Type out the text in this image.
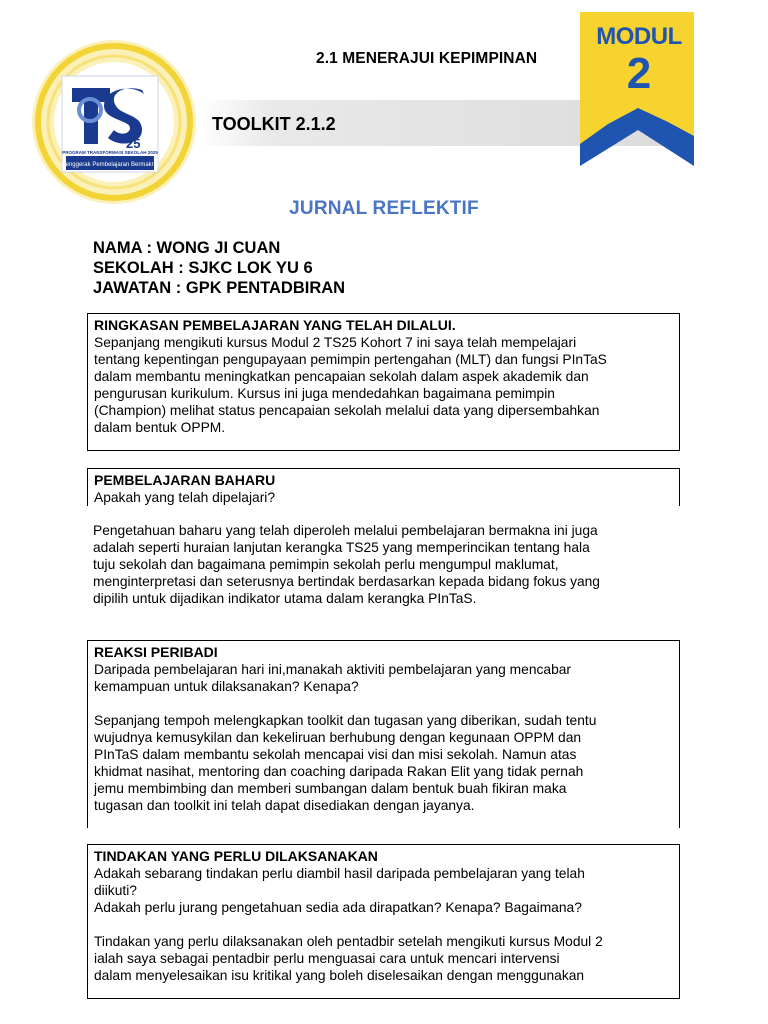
25
PROGRAM TRANSFORMASI SEKOLAH 2025
Penggerak Pembelajaran Bermakna
2.1 MENERAJUI KEPIMPINAN
TOOLKIT 2.1.2
MODUL
2
JURNAL REFLEKTIF
NAMA : WONG JI CUAN
SEKOLAH : SJKC LOK YU 6
JAWATAN : GPK PENTADBIRAN
RINGKASAN PEMBELAJARAN YANG TELAH DILALUI.

Sepanjang mengikuti kursus Modul 2 TS25 Kohort 7 ini saya telah mempelajari

tentang kepentingan pengupayaan pemimpin pertengahan (MLT) dan fungsi PInTaS

dalam membantu meningkatkan pencapaian sekolah dalam aspek akademik dan

pengurusan kurikulum. Kursus ini juga mendedahkan bagaimana pemimpin

(Champion) melihat status pencapaian sekolah melalui data yang dipersembahkan

dalam bentuk OPPM.

PEMBELAJARAN BAHARU

Apakah yang telah dipelajari?

Pengetahuan baharu yang telah diperoleh melalui pembelajaran bermakna ini juga

adalah seperti huraian lanjutan kerangka TS25 yang memperincikan tentang hala

tuju sekolah dan bagaimana pemimpin sekolah perlu mengumpul maklumat,

menginterpretasi dan seterusnya bertindak berdasarkan kepada bidang fokus yang

dipilih untuk dijadikan indikator utama dalam kerangka PInTaS.

REAKSI PERIBADI

Daripada pembelajaran hari ini,manakah aktiviti pembelajaran yang mencabar

kemampuan untuk dilaksanakan? Kenapa?

Sepanjang tempoh melengkapkan toolkit dan tugasan yang diberikan, sudah tentu

wujudnya kemusykilan dan kekeliruan berhubung dengan kegunaan OPPM dan

PInTaS dalam membantu sekolah mencapai visi dan misi sekolah. Namun atas

khidmat nasihat, mentoring dan coaching daripada Rakan Elit yang tidak pernah

jemu membimbing dan memberi sumbangan dalam bentuk buah fikiran maka

tugasan dan toolkit ini telah dapat disediakan dengan jayanya.

TINDAKAN YANG PERLU DILAKSANAKAN

Adakah sebarang tindakan perlu diambil hasil daripada pembelajaran yang telah

diikuti?

Adakah perlu jurang pengetahuan sedia ada dirapatkan? Kenapa? Bagaimana?

Tindakan yang perlu dilaksanakan oleh pentadbir setelah mengikuti kursus Modul 2

ialah saya sebagai pentadbir perlu menguasai cara untuk mencari intervensi

dalam menyelesaikan isu kritikal yang boleh diselesaikan dengan menggunakan
